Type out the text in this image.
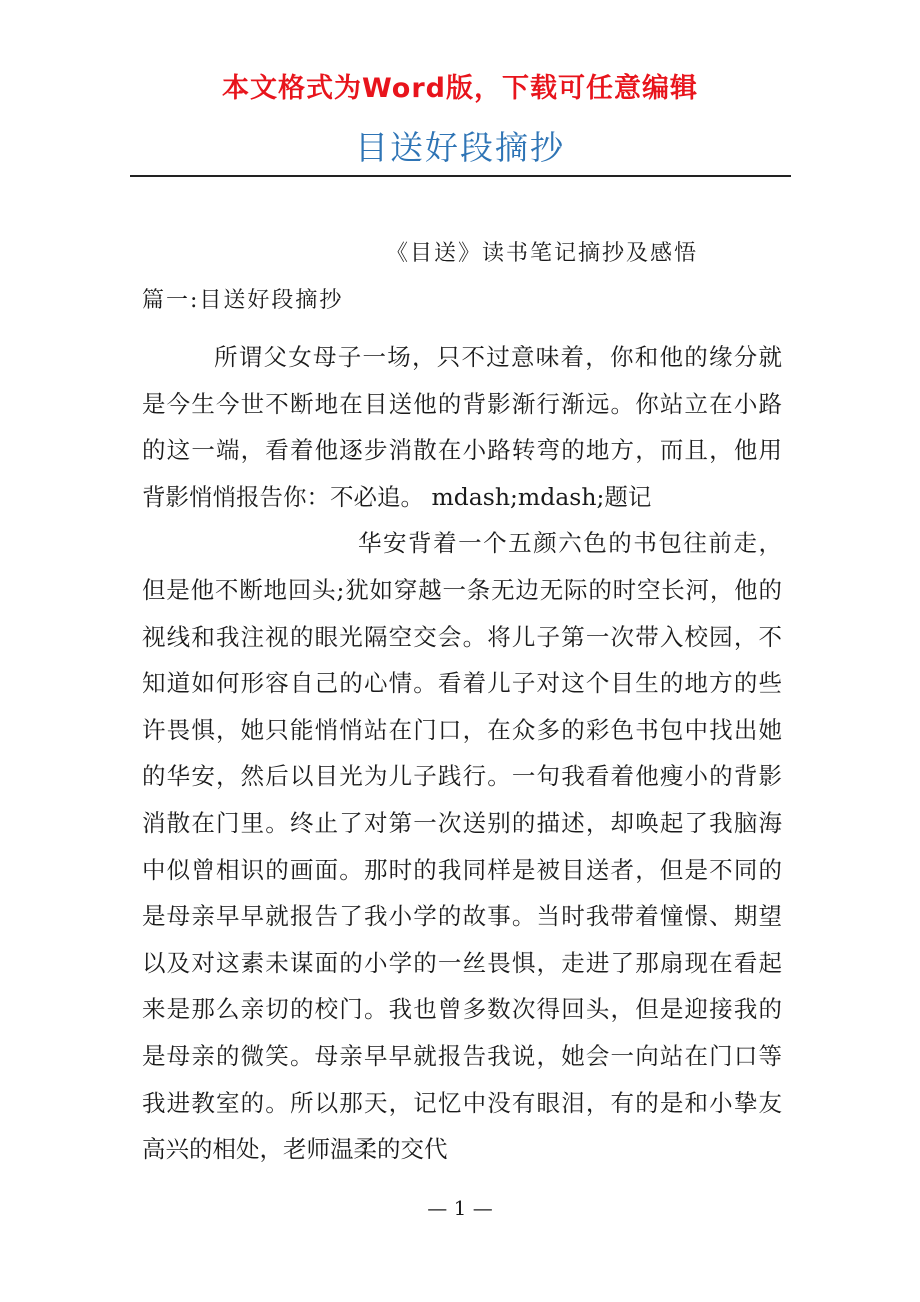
本文格式为Word版，下载可任意编辑
目送好段摘抄
《目送》读书笔记摘抄及感悟
篇一:目送好段摘抄
所谓父女母子一场，只不过意味着，你和他的缘分就
是今生今世不断地在目送他的背影渐行渐远。你站立在小路
的这一端，看着他逐步消散在小路转弯的地方，而且，他用
背影悄悄报告你：不必追。 mdash;mdash;题记
华安背着一个五颜六色的书包往前走，
但是他不断地回头;犹如穿越一条无边无际的时空长河，他的
视线和我注视的眼光隔空交会。将儿子第一次带入校园，不
知道如何形容自己的心情。看着儿子对这个目生的地方的些
许畏惧，她只能悄悄站在门口，在众多的彩色书包中找出她
的华安，然后以目光为儿子践行。一句我看着他瘦小的背影
消散在门里。终止了对第一次送别的描述，却唤起了我脑海
中似曾相识的画面。那时的我同样是被目送者，但是不同的
是母亲早早就报告了我小学的故事。当时我带着憧憬、期望
以及对这素未谋面的小学的一丝畏惧，走进了那扇现在看起
来是那么亲切的校门。我也曾多数次得回头，但是迎接我的
是母亲的微笑。母亲早早就报告我说，她会一向站在门口等
我进教室的。所以那天，记忆中没有眼泪，有的是和小挚友
高兴的相处，老师温柔的交代
— 1 —
